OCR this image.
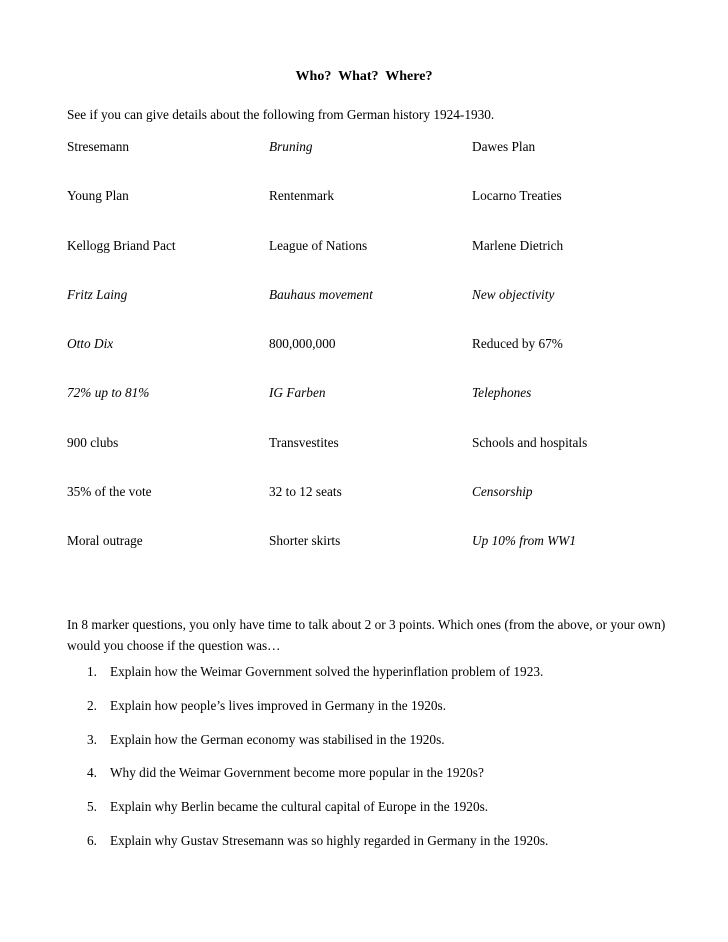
Who?  What?  Where?
See if you can give details about the following from German history 1924-1930.
Stresemann	Bruning	Dawes Plan
Young Plan	Rentenmark	Locarno Treaties
Kellogg Briand Pact	League of Nations	Marlene Dietrich
Fritz Laing	Bauhaus movement	New objectivity
Otto Dix	800,000,000	Reduced by 67%
72% up to 81%	IG Farben	Telephones
900 clubs	Transvestites	Schools and hospitals
35% of the vote	32 to 12 seats	Censorship
Moral outrage	Shorter skirts	Up 10% from WW1
In 8 marker questions, you only have time to talk about 2 or 3 points. Which ones (from the above, or your own) would you choose if the question was…
1. Explain how the Weimar Government solved the hyperinflation problem of 1923.
2. Explain how people’s lives improved in Germany in the 1920s.
3. Explain how the German economy was stabilised in the 1920s.
4. Why did the Weimar Government become more popular in the 1920s?
5. Explain why Berlin became the cultural capital of Europe in the 1920s.
6. Explain why Gustav Stresemann was so highly regarded in Germany in the 1920s.
